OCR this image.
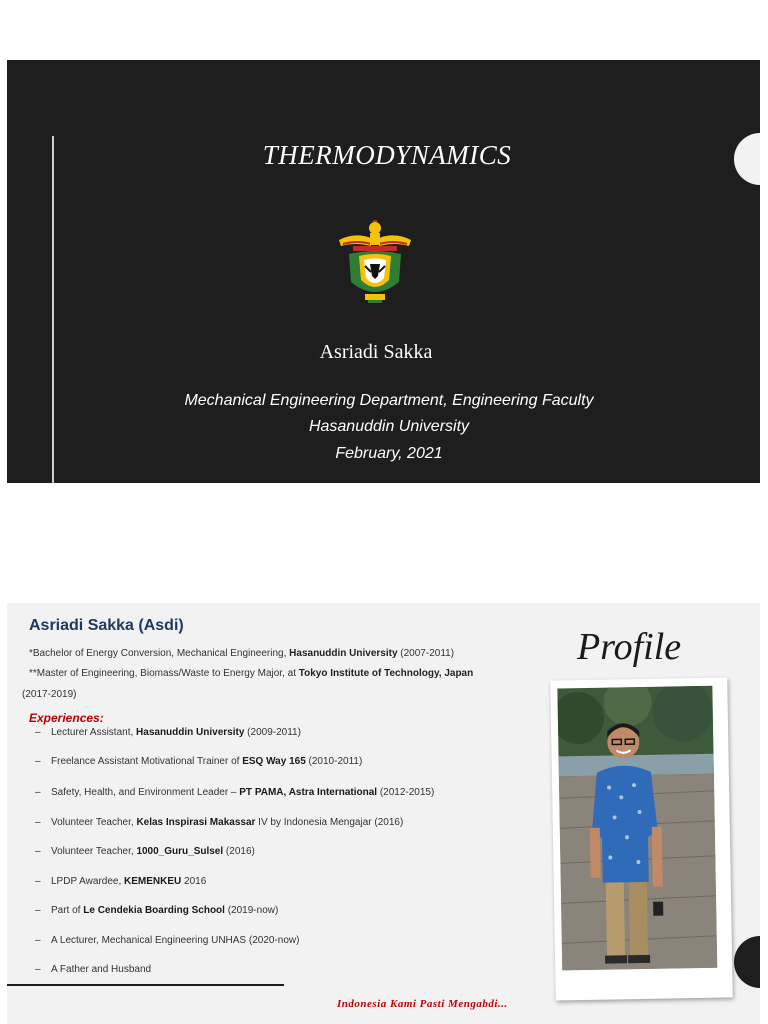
THERMODYNAMICS
Asriadi Sakka
Mechanical Engineering Department, Engineering Faculty
Hasanuddin University
February, 2021
Asriadi Sakka (Asdi)
*Bachelor of Energy Conversion, Mechanical Engineering, Hasanuddin University (2007-2011)
**Master of Engineering, Biomass/Waste to Energy Major, at Tokyo Institute of Technology, Japan
(2017-2019)
Experiences:
– Lecturer Assistant, Hasanuddin University (2009-2011)
– Freelance Assistant Motivational Trainer of ESQ Way 165 (2010-2011)
– Safety, Health, and Environment Leader – PT PAMA, Astra International (2012-2015)
– Volunteer Teacher, Kelas Inspirasi Makassar IV by Indonesia Mengajar (2016)
– Volunteer Teacher, 1000_Guru_Sulsel (2016)
– LPDP Awardee, KEMENKEU 2016
– Part of Le Cendekia Boarding School (2019-now)
– A Lecturer, Mechanical Engineering UNHAS (2020-now)
– A Father and Husband
Indonesia Kami Pasti Mengabdi...
Profile
